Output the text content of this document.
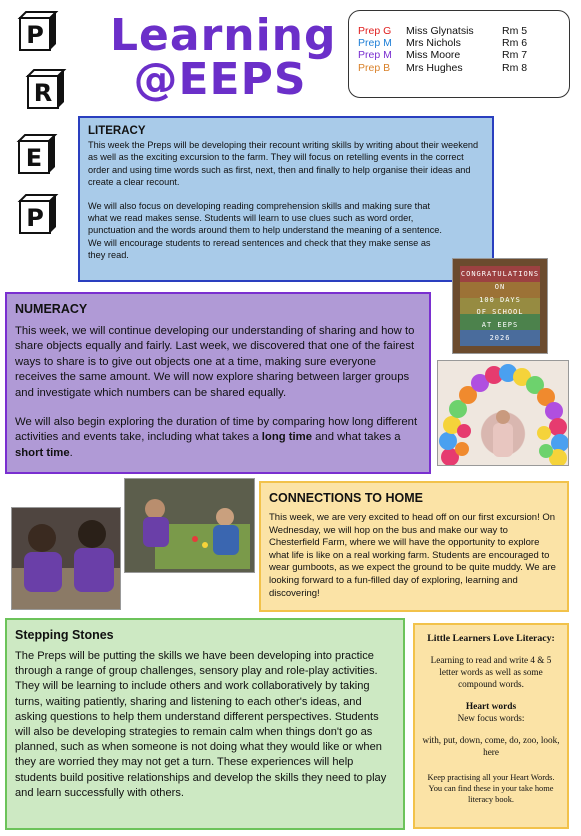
P
R
E
P
Learning
@EEPS
Prep G	Miss Glynatsis	Rm 5
Prep M	Mrs Nichols	Rm 6
Prep M	Miss Moore	Rm 7
Prep B	Mrs Hughes	Rm 8
LITERACY

This week the Preps will be developing their recount writing skills by writing about their weekend as well as the exciting excursion to the farm. They will focus on retelling events in the correct order and using time words such as first, next, then and finally to help organise their ideas and create a clear recount.

We will also focus on developing reading comprehension skills and making sure that what we read makes sense. Students will learn to use clues such as word order, punctuation and the words around them to help understand the meaning of a sentence. We will encourage students to reread sentences and check that they make sense as they read.

CONGRATULATIONS
ON
100 DAYS
OF SCHOOL
AT EEPS
2026
NUMERACY

This week, we will continue developing our understanding of sharing and how to share objects equally and fairly. Last week, we discovered that one of the fairest ways to share is to give out objects one at a time, making sure everyone receives the same amount. We will now explore sharing between larger groups and investigate which numbers can be shared equally.

We will also begin exploring the duration of time by comparing how long different activities and events take, including what takes a long time and what takes a short time.

CONNECTIONS TO HOME

This week, we are very excited to head off on our first excursion! On Wednesday, we will hop on the bus and make our way to Chesterfield Farm, where we will have the opportunity to explore what life is like on a real working farm. Students are encouraged to wear gumboots, as we expect the ground to be quite muddy. We are looking forward to a fun-filled day of exploring, learning and discovering!

Stepping Stones

The Preps will be putting the skills we have been developing into practice through a range of group challenges, sensory play and role-play activities. They will be learning to include others and work collaboratively by taking turns, waiting patiently, sharing and listening to each other's ideas, and asking questions to help them understand different perspectives. Students will also be developing strategies to remain calm when things don't go as planned, such as when someone is not doing what they would like or when they are worried they may not get a turn. These experiences will help students build positive relationships and develop the skills they need to play and learn successfully with others.

Little Learners Love Literacy:
Learning to read and write 4 & 5 letter words as well as some compound words.
Heart words
New focus words:
with, put, down, come, do, zoo, look, here
Keep practising all your Heart Words. You can find these in your take home literacy book.
